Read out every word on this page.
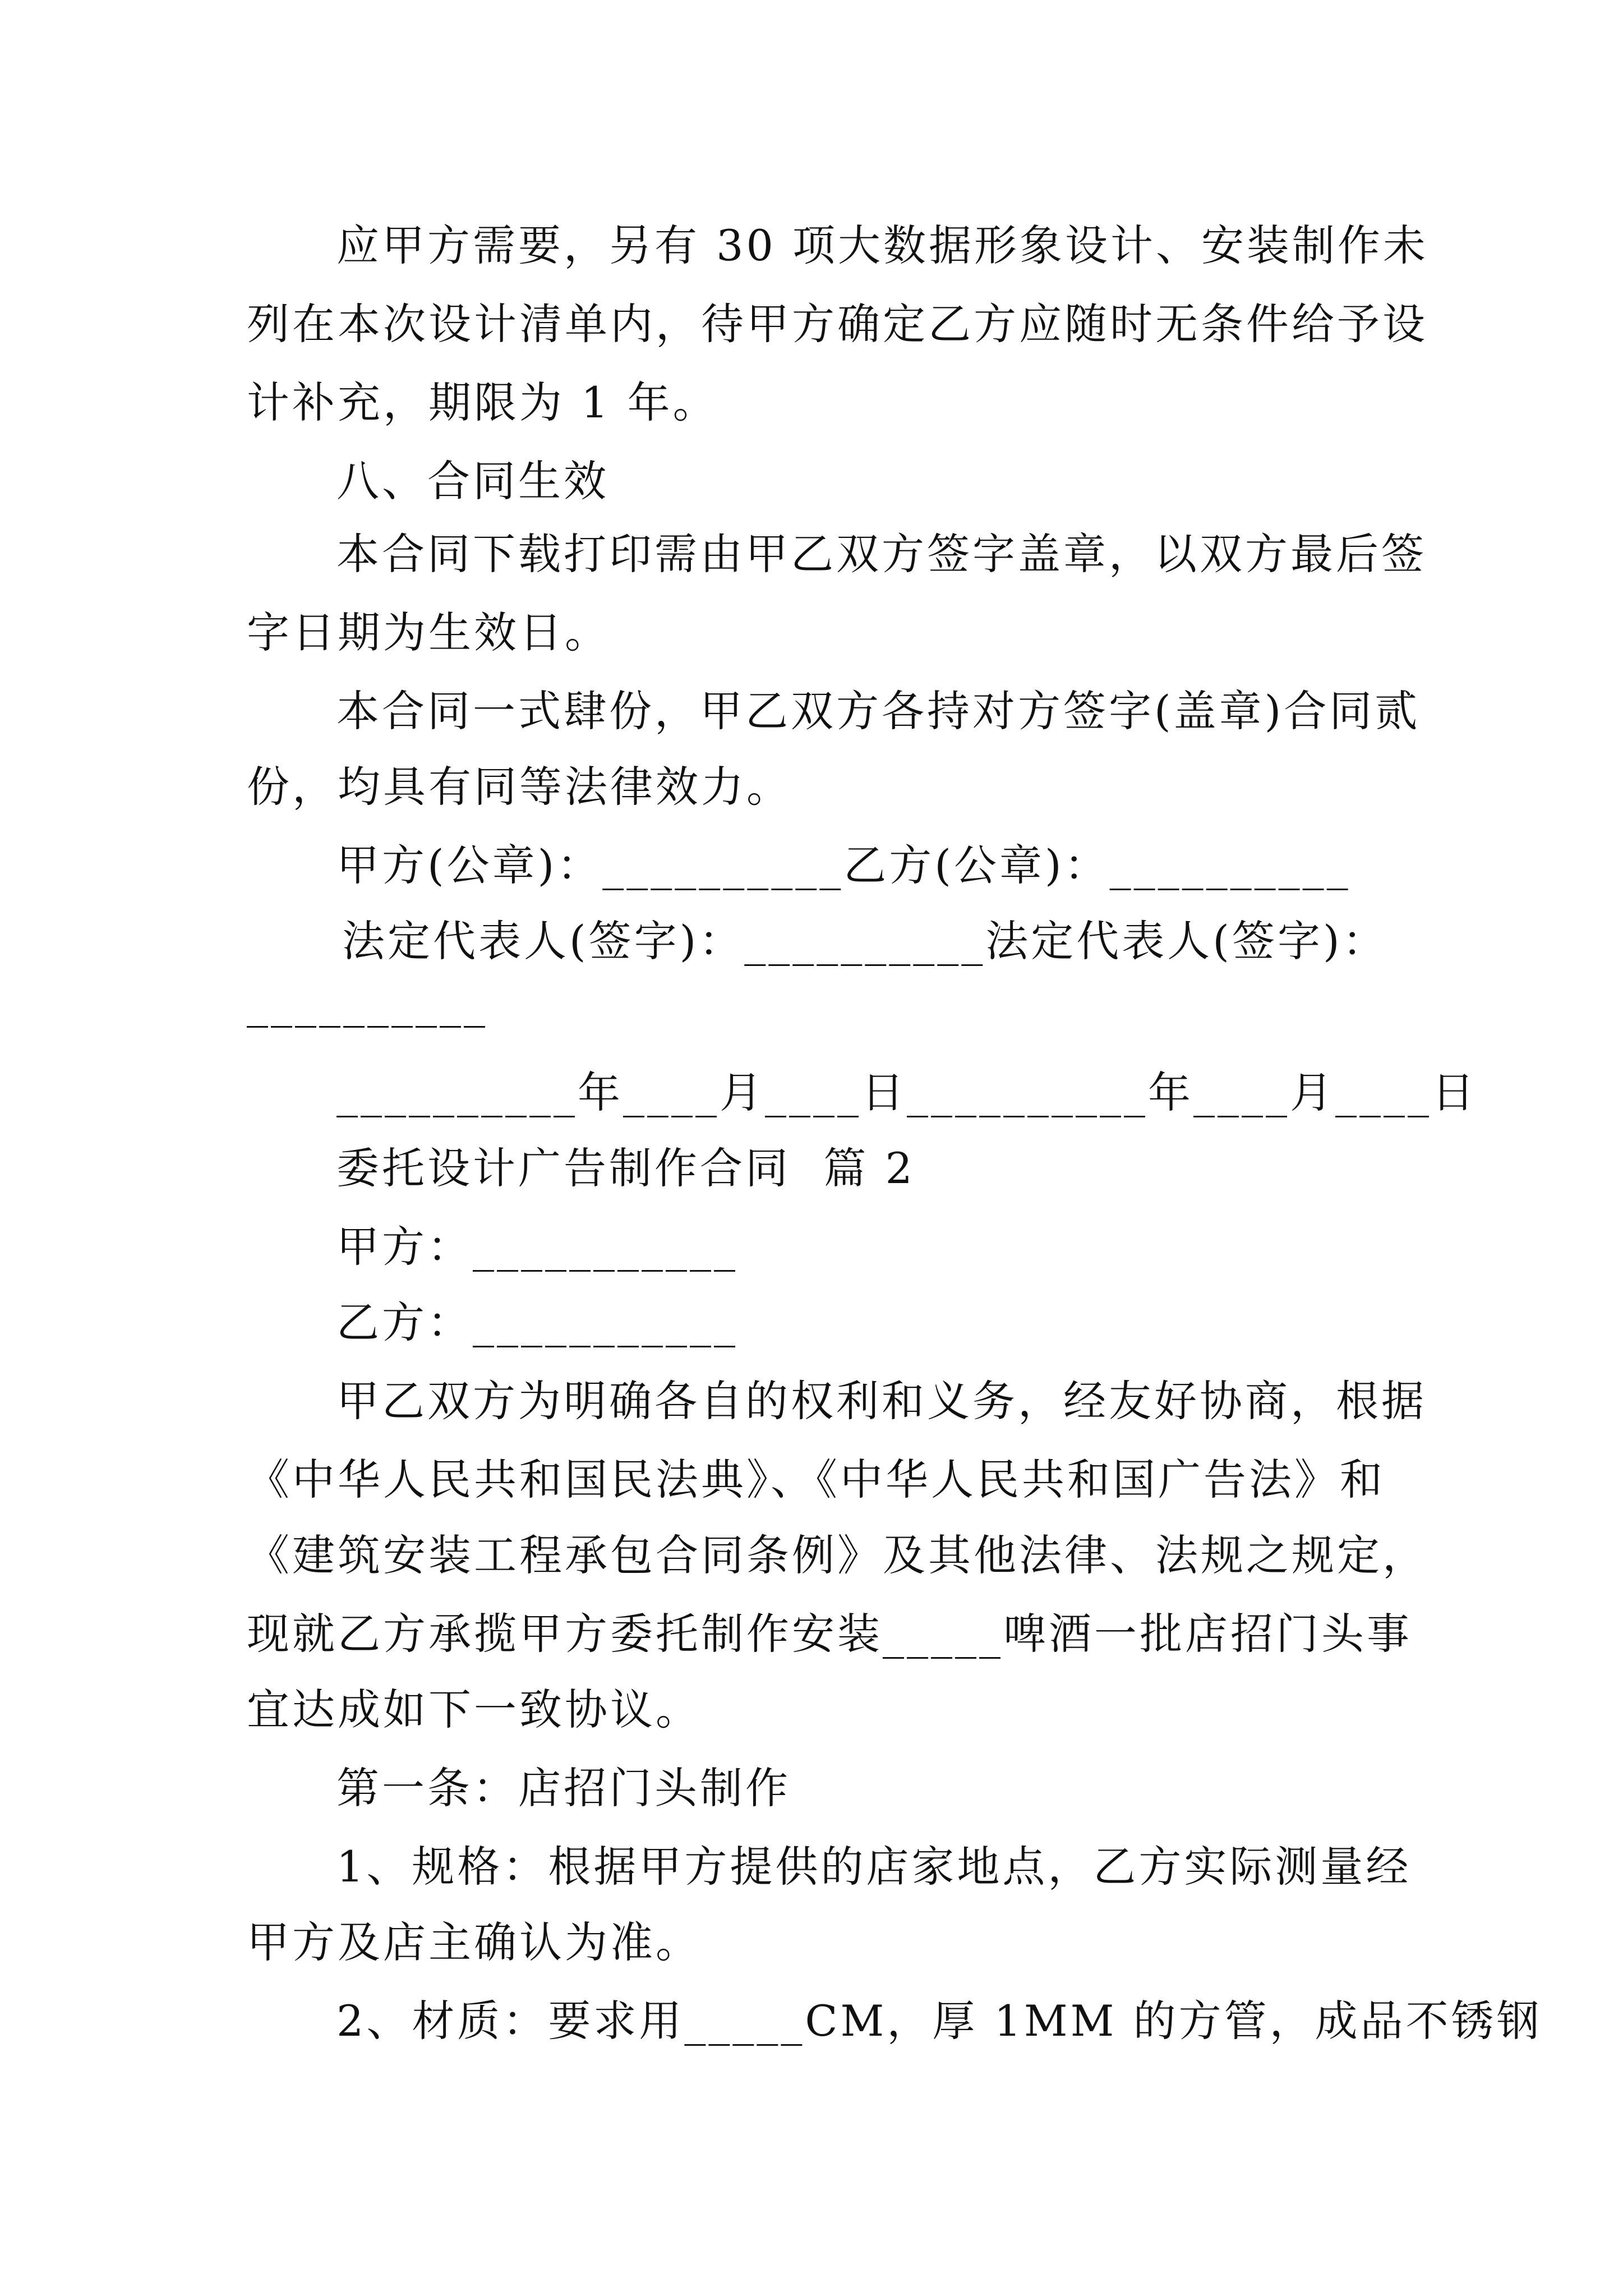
应甲方需要，另有 30 项大数据形象设计、安装制作未
列在本次设计清单内，待甲方确定乙方应随时无条件给予设
计补充，期限为 1 年。
八、合同生效
本合同下载打印需由甲乙双方签字盖章，以双方最后签
字日期为生效日。
本合同一式肆份，甲乙双方各持对方签字(盖章)合同贰
份，均具有同等法律效力。
甲方(公章)：__________乙方(公章)：__________
法定代表人(签字)：__________法定代表人(签字)：
__________
__________年____月____日__________年____月____日
委托设计广告制作合同  篇 2
甲方：___________
乙方：___________
甲乙双方为明确各自的权利和义务，经友好协商，根据
《中华人民共和国民法典》、《中华人民共和国广告法》和
《建筑安装工程承包合同条例》及其他法律、法规之规定，
现就乙方承揽甲方委托制作安装_____啤酒一批店招门头事
宜达成如下一致协议。
第一条：店招门头制作
1、规格：根据甲方提供的店家地点，乙方实际测量经
甲方及店主确认为准。
2、材质：要求用_____CM，厚 1MM 的方管，成品不锈钢
